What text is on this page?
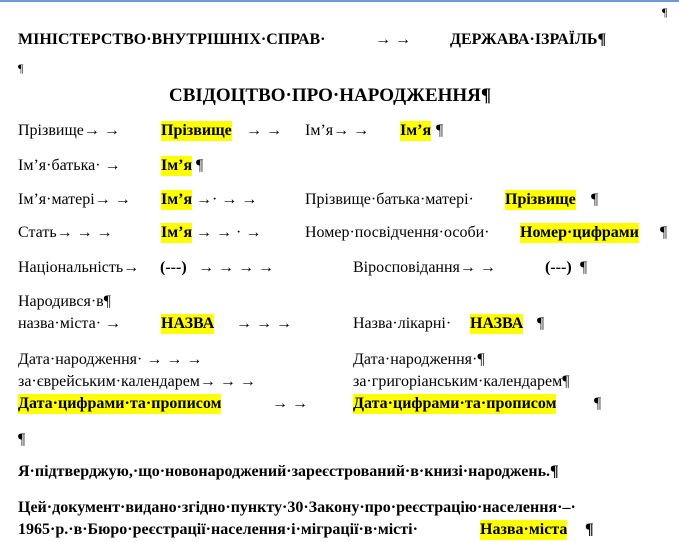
¶
МІНІСТЕРСТВО·ВНУТРІШНІХ·СПРАВ·	→ → ДЕРЖАВА·ІЗРАЇЛЬ¶
¶
СВІДОЦТВО·ПРО·НАРОДЖЕННЯ¶
Прізвище→ →	Прізвище → → Ім’я→ → Ім’я ¶
Ім’я·батька· →	Ім’я ¶
Ім’я·матері→ → Ім’я →· → →	Прізвище·батька·матері· Прізвище ¶
Стать→ → →	Ім’я → → · →	Номер·посвідчення·особи· Номер·цифрами ¶
Національність→ (---) → → → →	Віросповідання→ →	(---) ¶
Народився·в¶
назва·міста· → НАЗВА → → →	Назва·лікарні· НАЗВА ¶
Дата·народження· → → →	Дата·народження·¶
за·єврейським·календарем→ → →	за·григоріанським·календарем¶
Дата·цифрами·та·прописом	→ →	Дата·цифрами·та·прописом ¶
¶
Я·підтверджую,·що·новонароджений·зареєстрований·в·книзі·народжень.¶
Цей·документ·видано·згідно·пункту·30·Закону·про·реєстрацію·населення·–·
1965·р.·в·Бюро·реєстрації·населення·і·міграції·в·місті·	Назва·міста ¶
